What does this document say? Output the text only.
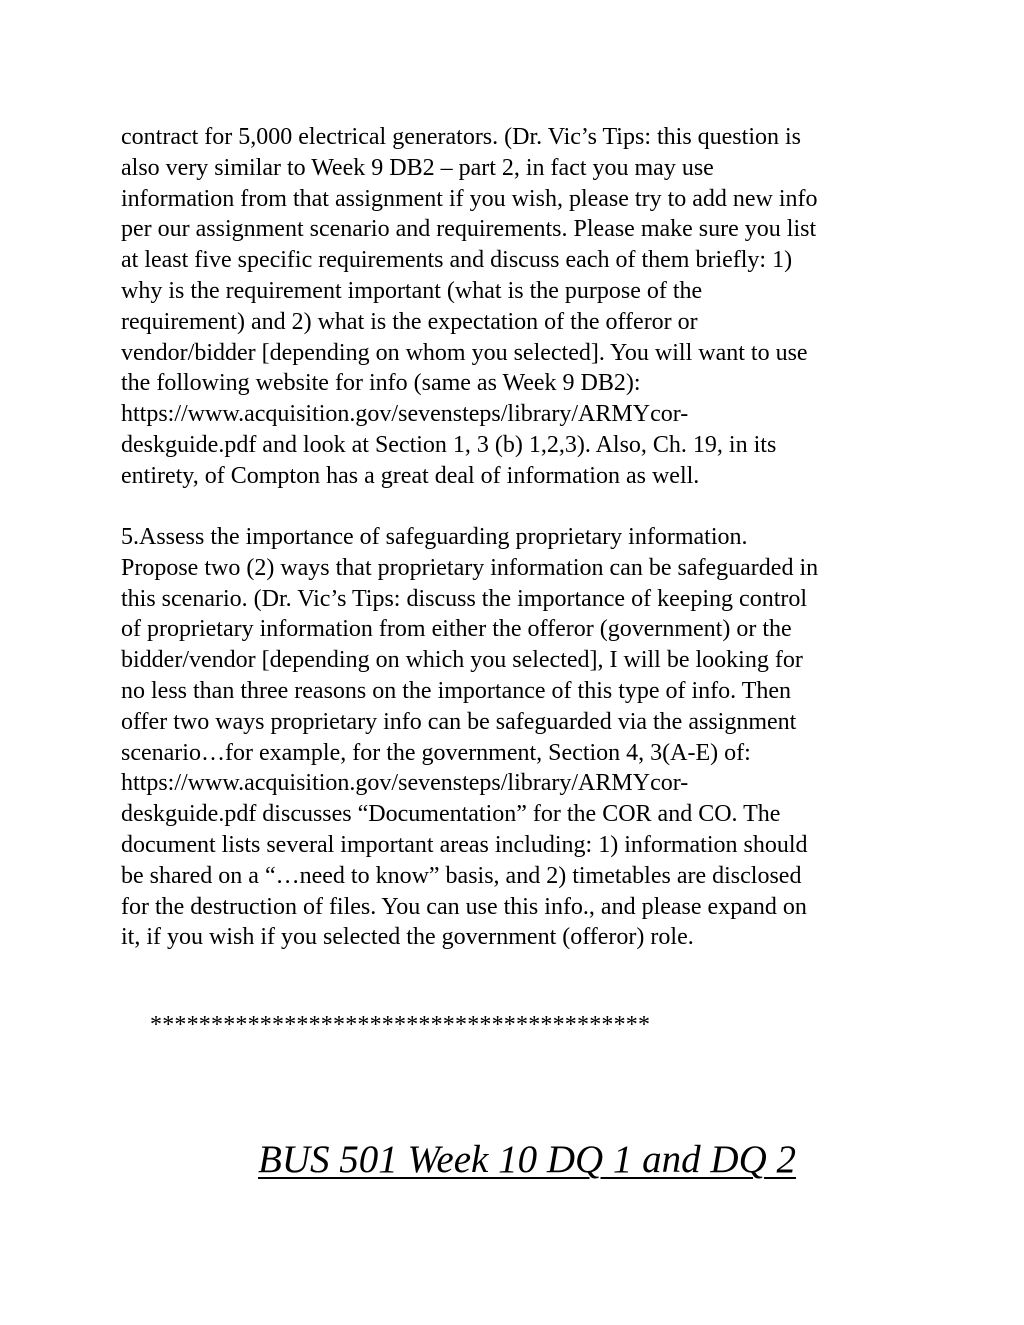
contract for 5,000 electrical generators. (Dr. Vic’s Tips: this question is
also very similar to Week 9 DB2 – part 2, in fact you may use
information from that assignment if you wish, please try to add new info
per our assignment scenario and requirements. Please make sure you list
at least five specific requirements and discuss each of them briefly: 1)
why is the requirement important (what is the purpose of the
requirement) and 2) what is the expectation of the offeror or
vendor/bidder [depending on whom you selected]. You will want to use
the following website for info (same as Week 9 DB2):
https://www.acquisition.gov/sevensteps/library/ARMYcor-
deskguide.pdf and look at Section 1, 3 (b) 1,2,3). Also, Ch. 19, in its
entirety, of Compton has a great deal of information as well.
5.Assess the importance of safeguarding proprietary information.
Propose two (2) ways that proprietary information can be safeguarded in
this scenario. (Dr. Vic’s Tips: discuss the importance of keeping control
of proprietary information from either the offeror (government) or the
bidder/vendor [depending on which you selected], I will be looking for
no less than three reasons on the importance of this type of info. Then
offer two ways proprietary info can be safeguarded via the assignment
scenario…for example, for the government, Section 4, 3(A-E) of:
https://www.acquisition.gov/sevensteps/library/ARMYcor-
deskguide.pdf discusses “Documentation” for the COR and CO. The
document lists several important areas including: 1) information should
be shared on a “…need to know” basis, and 2) timetables are disclosed
for the destruction of files. You can use this info., and please expand on
it, if you wish if you selected the government (offeror) role.
*****************************************
BUS 501 Week 10 DQ 1 and DQ 2
